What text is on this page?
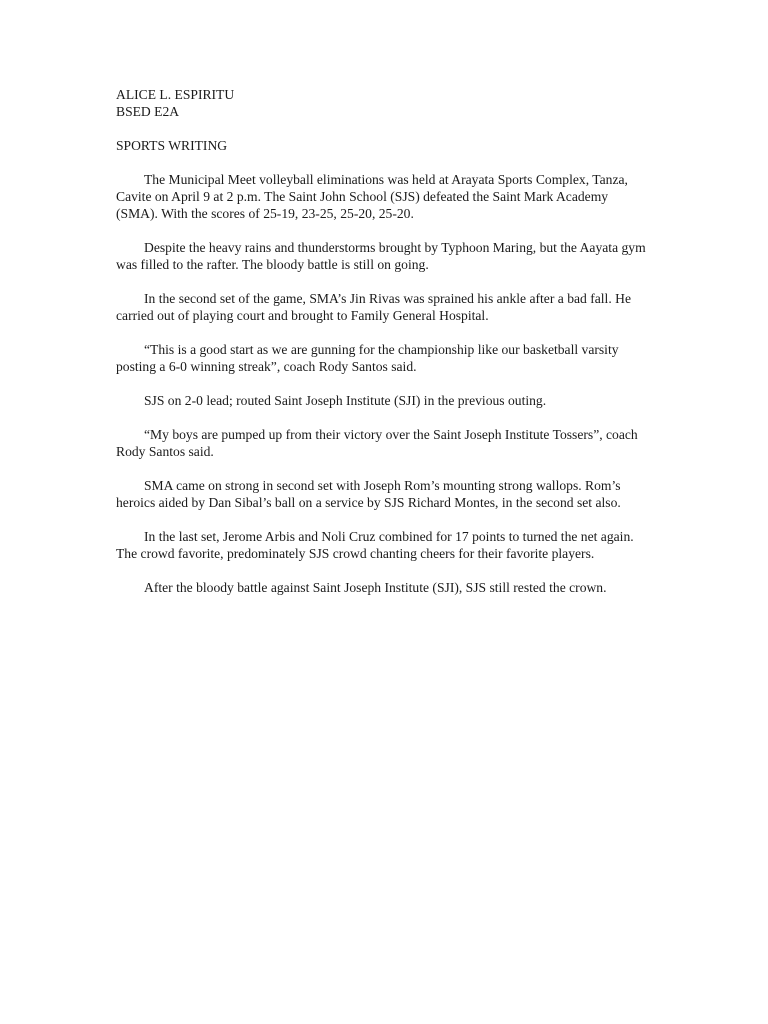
ALICE L. ESPIRITU
BSED E2A
SPORTS WRITING

The Municipal Meet volleyball eliminations was held at Arayata Sports Complex, Tanza, Cavite on April 9 at 2 p.m. The Saint John School (SJS) defeated the Saint Mark Academy (SMA). With the scores of 25-19, 23-25, 25-20, 25-20.

Despite the heavy rains and thunderstorms brought by Typhoon Maring, but the Aayata gym was filled to the rafter. The bloody battle is still on going.

In the second set of the game, SMA’s Jin Rivas was sprained his ankle after a bad fall. He carried out of playing court and brought to Family General Hospital.

“This is a good start as we are gunning for the championship like our basketball varsity posting a 6-0 winning streak”, coach Rody Santos said.

SJS on 2-0 lead; routed Saint Joseph Institute (SJI) in the previous outing.

“My boys are pumped up from their victory over the Saint Joseph Institute Tossers”, coach Rody Santos said.

SMA came on strong in second set with Joseph Rom’s mounting strong wallops. Rom’s heroics aided by Dan Sibal’s ball on a service by SJS Richard Montes, in the second set also.

In the last set, Jerome Arbis and Noli Cruz combined for 17 points to turned the net again. The crowd favorite, predominately SJS crowd chanting cheers for their favorite players.

After the bloody battle against Saint Joseph Institute (SJI), SJS still rested the crown.
